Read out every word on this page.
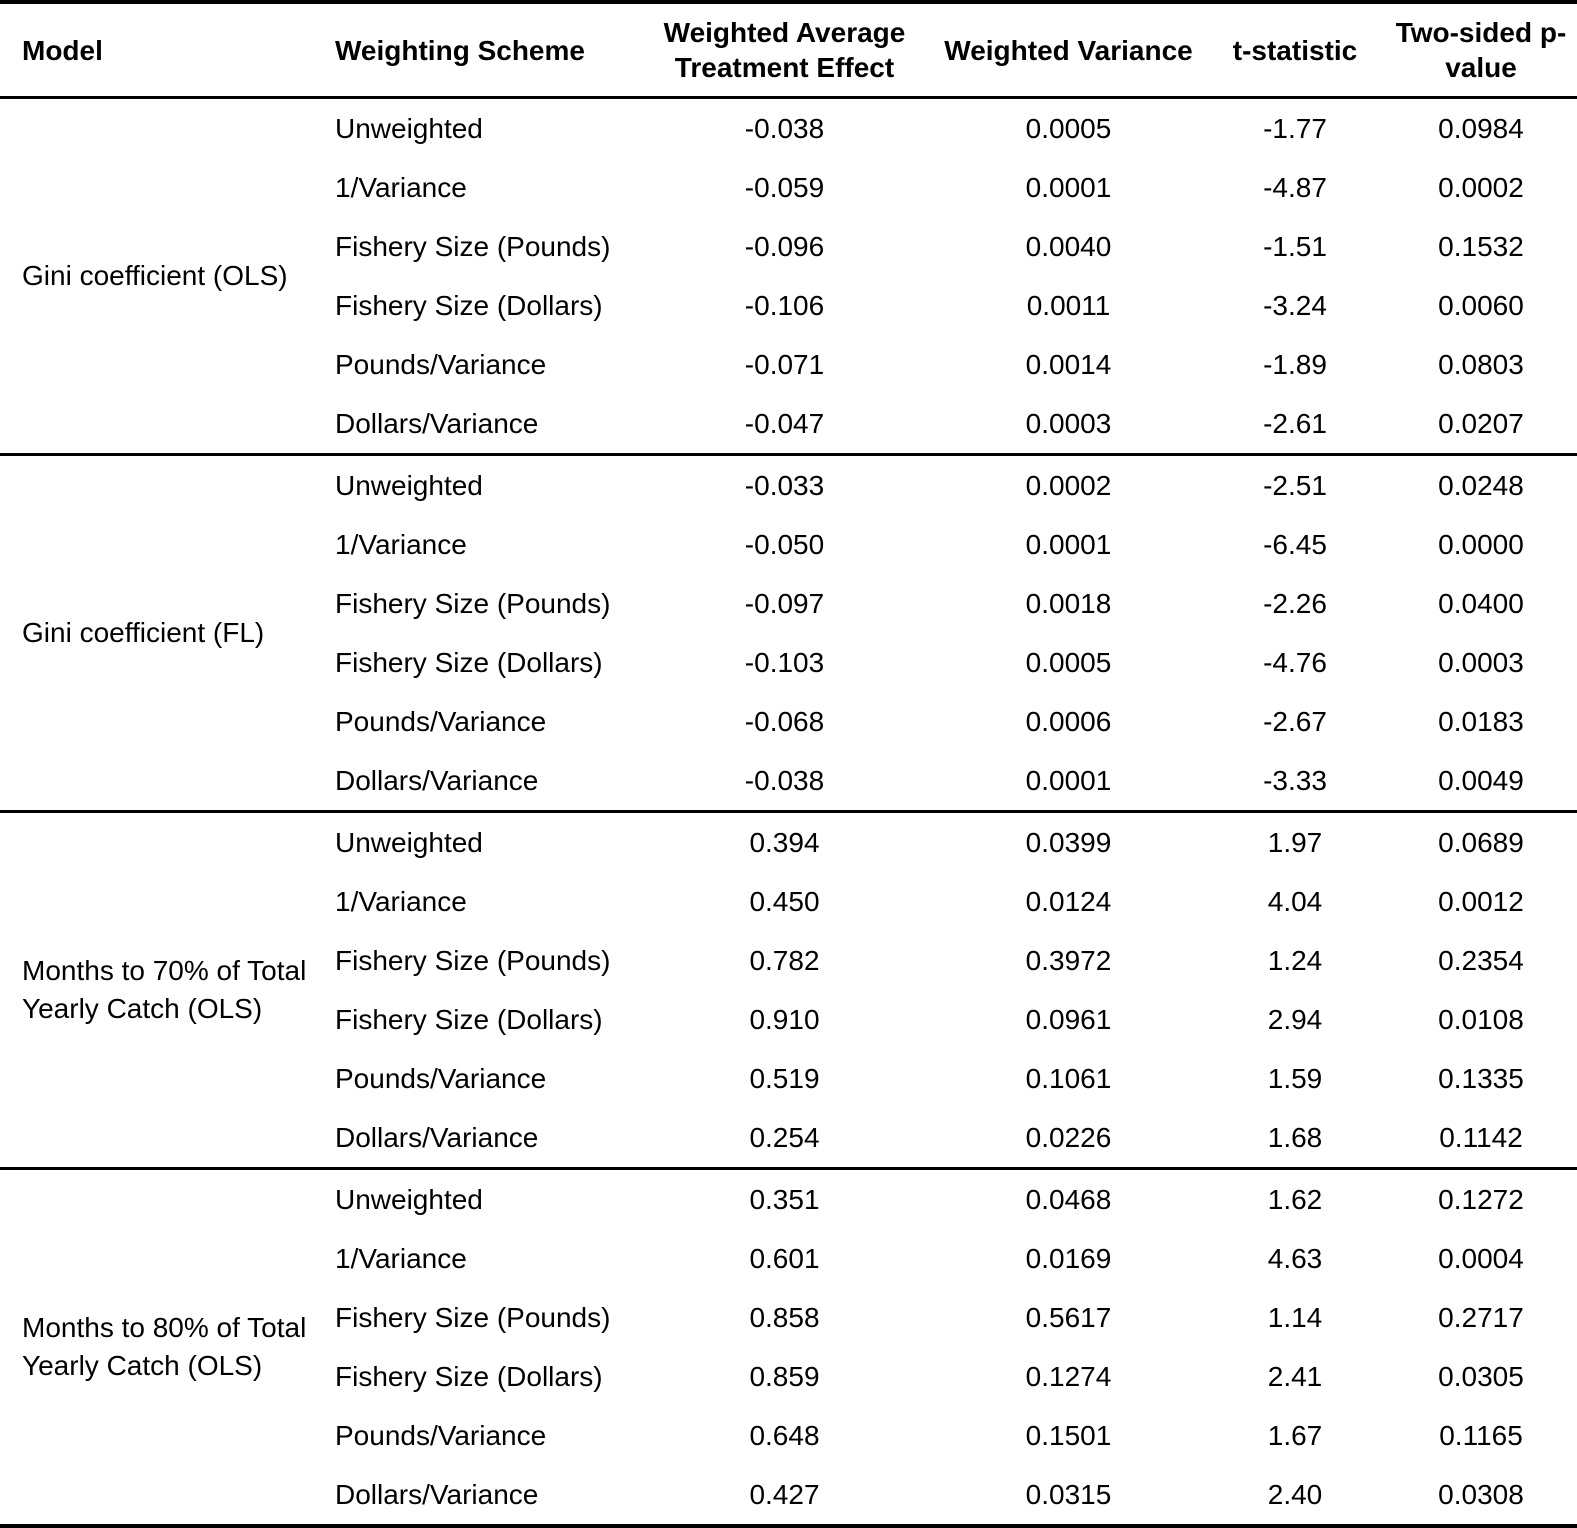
Model	Weighting Scheme	Weighted Average Treatment Effect	Weighted Variance	t-statistic	Two-sided p-value
Gini coefficient (OLS)	Unweighted	-0.038	0.0005	-1.77	0.0984
	1/Variance	-0.059	0.0001	-4.87	0.0002
	Fishery Size (Pounds)	-0.096	0.0040	-1.51	0.1532
	Fishery Size (Dollars)	-0.106	0.0011	-3.24	0.0060
	Pounds/Variance	-0.071	0.0014	-1.89	0.0803
	Dollars/Variance	-0.047	0.0003	-2.61	0.0207
Gini coefficient (FL)	Unweighted	-0.033	0.0002	-2.51	0.0248
	1/Variance	-0.050	0.0001	-6.45	0.0000
	Fishery Size (Pounds)	-0.097	0.0018	-2.26	0.0400
	Fishery Size (Dollars)	-0.103	0.0005	-4.76	0.0003
	Pounds/Variance	-0.068	0.0006	-2.67	0.0183
	Dollars/Variance	-0.038	0.0001	-3.33	0.0049
Months to 70% of Total Yearly Catch (OLS)	Unweighted	0.394	0.0399	1.97	0.0689
	1/Variance	0.450	0.0124	4.04	0.0012
	Fishery Size (Pounds)	0.782	0.3972	1.24	0.2354
	Fishery Size (Dollars)	0.910	0.0961	2.94	0.0108
	Pounds/Variance	0.519	0.1061	1.59	0.1335
	Dollars/Variance	0.254	0.0226	1.68	0.1142
Months to 80% of Total Yearly Catch (OLS)	Unweighted	0.351	0.0468	1.62	0.1272
	1/Variance	0.601	0.0169	4.63	0.0004
	Fishery Size (Pounds)	0.858	0.5617	1.14	0.2717
	Fishery Size (Dollars)	0.859	0.1274	2.41	0.0305
	Pounds/Variance	0.648	0.1501	1.67	0.1165
	Dollars/Variance	0.427	0.0315	2.40	0.0308
